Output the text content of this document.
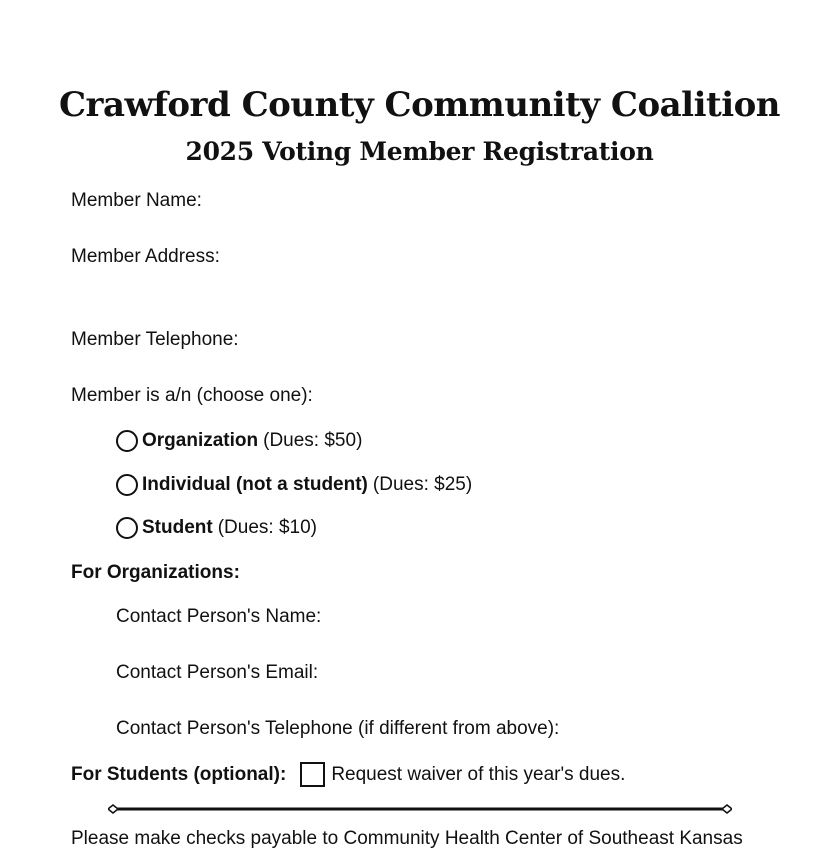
Crawford County Community Coalition
2025 Voting Member Registration
Member Name:
Member Address:
Member Telephone:
Member is a/n (choose one):
Organization (Dues: $50)
Individual (not a student) (Dues: $25)
Student (Dues: $10)
For Organizations:
Contact Person's Name:
Contact Person's Email:
Contact Person's Telephone (if different from above):
For Students (optional): Request waiver of this year's dues.
Please make checks payable to Community Health Center of Southeast Kansas
